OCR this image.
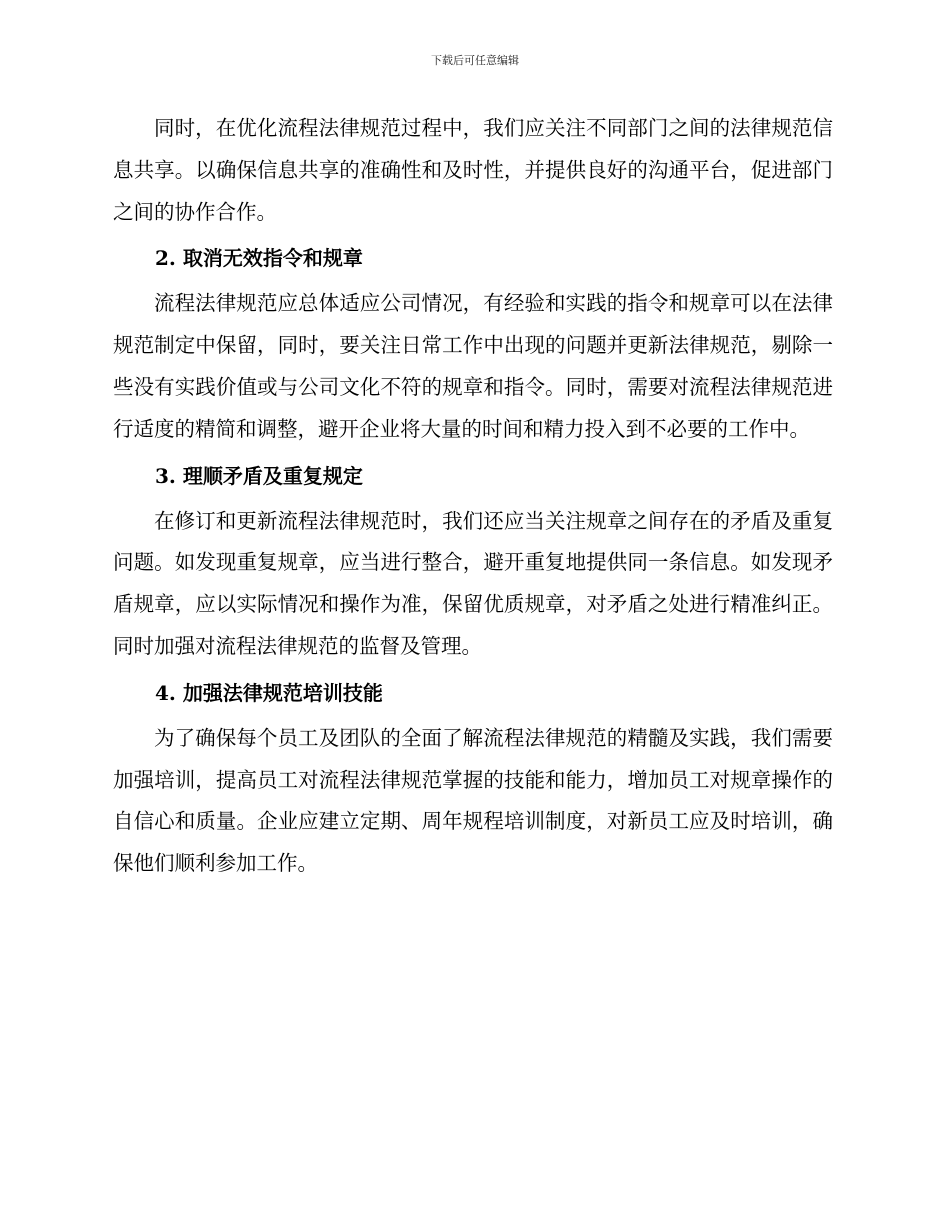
下载后可任意编辑

同时，在优化流程法律规范过程中，我们应关注不同部门之间的法律规范信息共享。以确保信息共享的准确性和及时性，并提供良好的沟通平台，促进部门之间的协作合作。

2. 取消无效指令和规章

流程法律规范应总体适应公司情况，有经验和实践的指令和规章可以在法律规范制定中保留，同时，要关注日常工作中出现的问题并更新法律规范，剔除一些没有实践价值或与公司文化不符的规章和指令。同时，需要对流程法律规范进行适度的精简和调整，避开企业将大量的时间和精力投入到不必要的工作中。

3. 理顺矛盾及重复规定

在修订和更新流程法律规范时，我们还应当关注规章之间存在的矛盾及重复问题。如发现重复规章，应当进行整合，避开重复地提供同一条信息。如发现矛盾规章，应以实际情况和操作为准，保留优质规章，对矛盾之处进行精准纠正。同时加强对流程法律规范的监督及管理。

4. 加强法律规范培训技能

为了确保每个员工及团队的全面了解流程法律规范的精髓及实践，我们需要加强培训，提高员工对流程法律规范掌握的技能和能力，增加员工对规章操作的自信心和质量。企业应建立定期、周年规程培训制度，对新员工应及时培训，确保他们顺利参加工作。
